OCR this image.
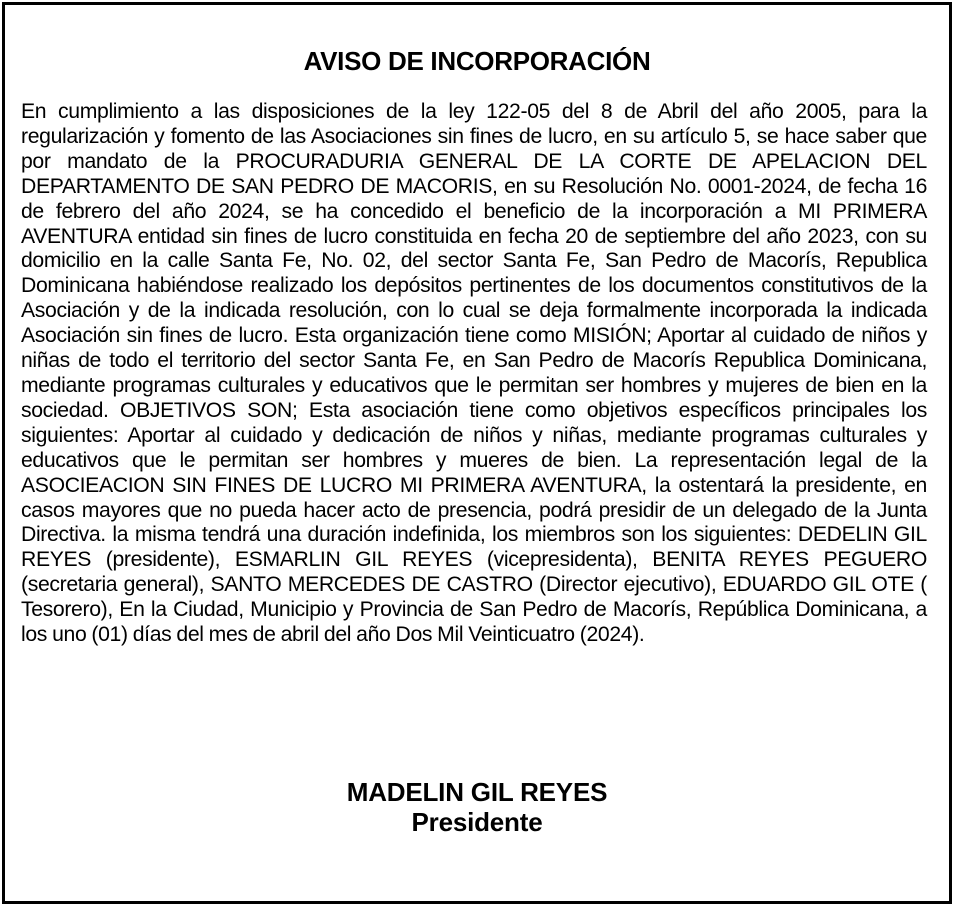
AVISO DE INCORPORACIÓN

En cumplimiento a las disposiciones de la ley 122-05 del 8 de Abril del año 2005, para la regularización y fomento de las Asociaciones sin fines de lucro, en su artículo 5, se hace saber que por mandato de la PROCURADURIA GENERAL DE LA CORTE DE APELACION DEL DEPARTAMENTO DE SAN PEDRO DE MACORIS, en su Resolución No. 0001-2024, de fecha 16 de febrero del año 2024, se ha concedido el beneficio de la incorporación a MI PRIMERA AVENTURA entidad sin fines de lucro constituida en fecha 20 de septiembre del año 2023, con su domicilio en la calle Santa Fe, No. 02, del sector Santa Fe, San Pedro de Macorís, Republica Dominicana habiéndose realizado los depósitos pertinentes de los documentos constitutivos de la Asociación y de la indicada resolución, con lo cual se deja formalmente incorporada la indicada Asociación sin fines de lucro. Esta organización tiene como MISIÓN; Aportar al cuidado de niños y niñas de todo el territorio del sector Santa Fe, en San Pedro de Macorís Republica Dominicana, mediante programas culturales y educativos que le permitan ser hombres y mujeres de bien en la sociedad. OBJETIVOS SON; Esta asociación tiene como objetivos específicos principales los siguientes: Aportar al cuidado y dedicación de niños y niñas, mediante programas culturales y educativos que le permitan ser hombres y mueres de bien. La representación legal de la ASOCIEACION SIN FINES DE LUCRO MI PRIMERA AVENTURA, la ostentará la presidente, en casos mayores que no pueda hacer acto de presencia, podrá presidir de un delegado de la Junta Directiva. la misma tendrá una duración indefinida, los miembros son los siguientes: DEDELIN GIL REYES (presidente), ESMARLIN GIL REYES (vicepresidenta), BENITA REYES PEGUERO (secretaria general), SANTO MERCEDES DE CASTRO (Director ejecutivo), EDUARDO GIL OTE ( Tesorero), En la Ciudad, Municipio y Provincia de San Pedro de Macorís, República Dominicana, a los uno (01) días del mes de abril del año Dos Mil Veinticuatro (2024).

MADELIN GIL REYES
Presidente
